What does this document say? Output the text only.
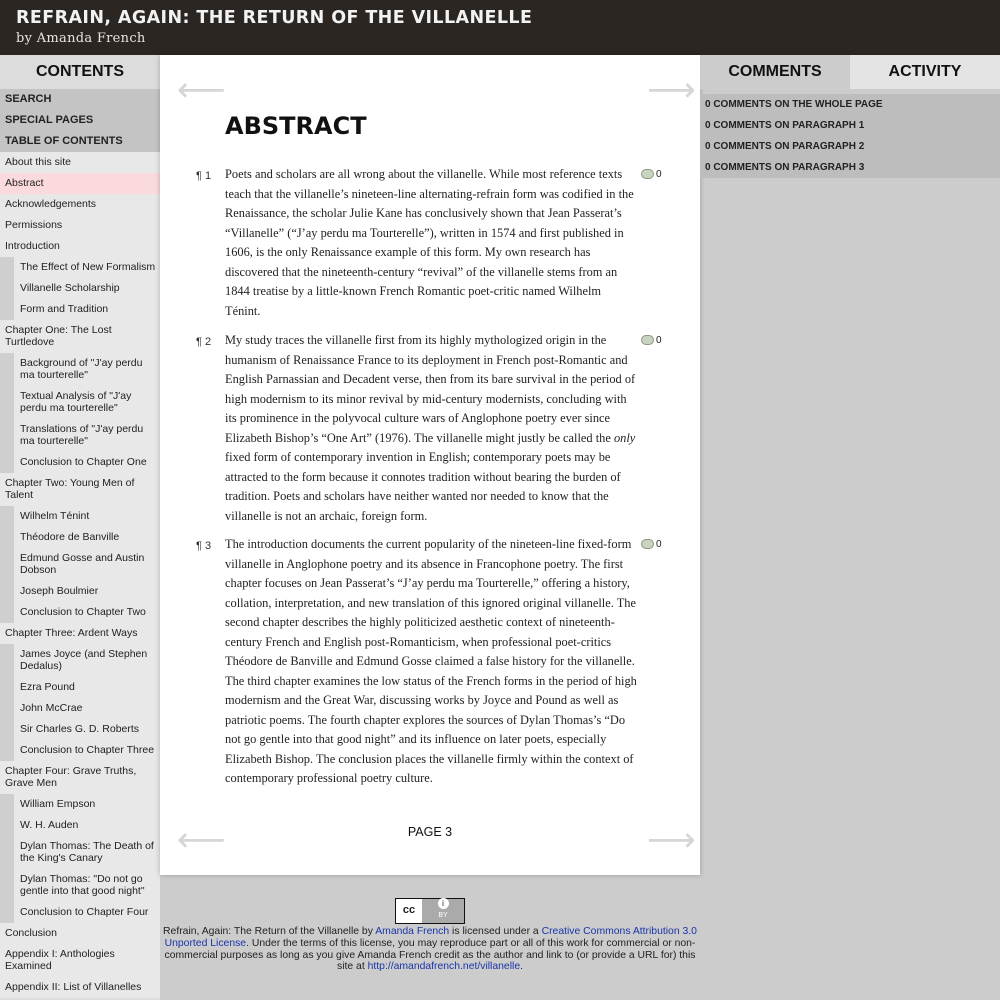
REFRAIN, AGAIN: THE RETURN OF THE VILLANELLE
by Amanda French
CONTENTS
SEARCH
SPECIAL PAGES
TABLE OF CONTENTS
About this site
Abstract
Acknowledgements
Permissions
Introduction
The Effect of New Formalism
Villanelle Scholarship
Form and Tradition
Chapter One: The Lost Turtledove
Background of "J'ay perdu ma tourterelle"
Textual Analysis of "J'ay perdu ma tourterelle"
Translations of "J'ay perdu ma tourterelle"
Conclusion to Chapter One
Chapter Two: Young Men of Talent
Wilhelm Ténint
Théodore de Banville
Edmund Gosse and Austin Dobson
Joseph Boulmier
Conclusion to Chapter Two
Chapter Three: Ardent Ways
James Joyce (and Stephen Dedalus)
Ezra Pound
John McCrae
Sir Charles G. D. Roberts
Conclusion to Chapter Three
Chapter Four: Grave Truths, Grave Men
William Empson
W. H. Auden
Dylan Thomas: The Death of the King's Canary
Dylan Thomas: "Do not go gentle into that good night"
Conclusion to Chapter Four
Conclusion
Appendix I: Anthologies Examined
Appendix II: List of Villanelles
⟵	⟶
ABSTRACT
¶ 1	0

Poets and scholars are all wrong about the villanelle. While most reference texts teach that the villanelle’s nineteen-line alternating-refrain form was codified in the Renaissance, the scholar Julie Kane has conclusively shown that Jean Passerat’s “Villanelle” (“J’ay perdu ma Tourterelle”), written in 1574 and first published in 1606, is the only Renaissance example of this form. My own research has discovered that the nineteenth-century “revival” of the villanelle stems from an 1844 treatise by a little-known French Romantic poet-critic named Wilhelm Ténint.

¶ 2	0

My study traces the villanelle first from its highly mythologized origin in the humanism of Renaissance France to its deployment in French post-Romantic and English Parnassian and Decadent verse, then from its bare survival in the period of high modernism to its minor revival by mid-century modernists, concluding with its prominence in the polyvocal culture wars of Anglophone poetry ever since Elizabeth Bishop’s “One Art” (1976). The villanelle might justly be called the only fixed form of contemporary invention in English; contemporary poets may be attracted to the form because it connotes tradition without bearing the burden of tradition. Poets and scholars have neither wanted nor needed to know that the villanelle is not an archaic, foreign form.

¶ 3	0

The introduction documents the current popularity of the nineteen-line fixed-form villanelle in Anglophone poetry and its absence in Francophone poetry. The first chapter focuses on Jean Passerat’s “J’ay perdu ma Tourterelle,” offering a history, collation, interpretation, and new translation of this ignored original villanelle. The second chapter describes the highly politicized aesthetic context of nineteenth-century French and English post-Romanticism, when professional poet-critics Théodore de Banville and Edmund Gosse claimed a false history for the villanelle. The third chapter examines the low status of the French forms in the period of high modernism and the Great War, discussing works by Joyce and Pound as well as patriotic poems. The fourth chapter explores the sources of Dylan Thomas’s “Do not go gentle into that good night” and its influence on later poets, especially Elizabeth Bishop. The conclusion places the villanelle firmly within the context of contemporary professional poetry culture.

PAGE 3
⟵	⟶
COMMENTS	ACTIVITY
0 COMMENTS ON THE WHOLE PAGE
0 COMMENTS ON PARAGRAPH 1
0 COMMENTS ON PARAGRAPH 2
0 COMMENTS ON PARAGRAPH 3
cc
i
BY

Refrain, Again: The Return of the Villanelle by Amanda French is licensed under a Creative Commons Attribution 3.0 Unported License. Under the terms of this license, you may reproduce part or all of this work for commercial or non-commercial purposes as long as you give Amanda French credit as the author and link to (or provide a URL for) this site at http://amandafrench.net/villanelle.
